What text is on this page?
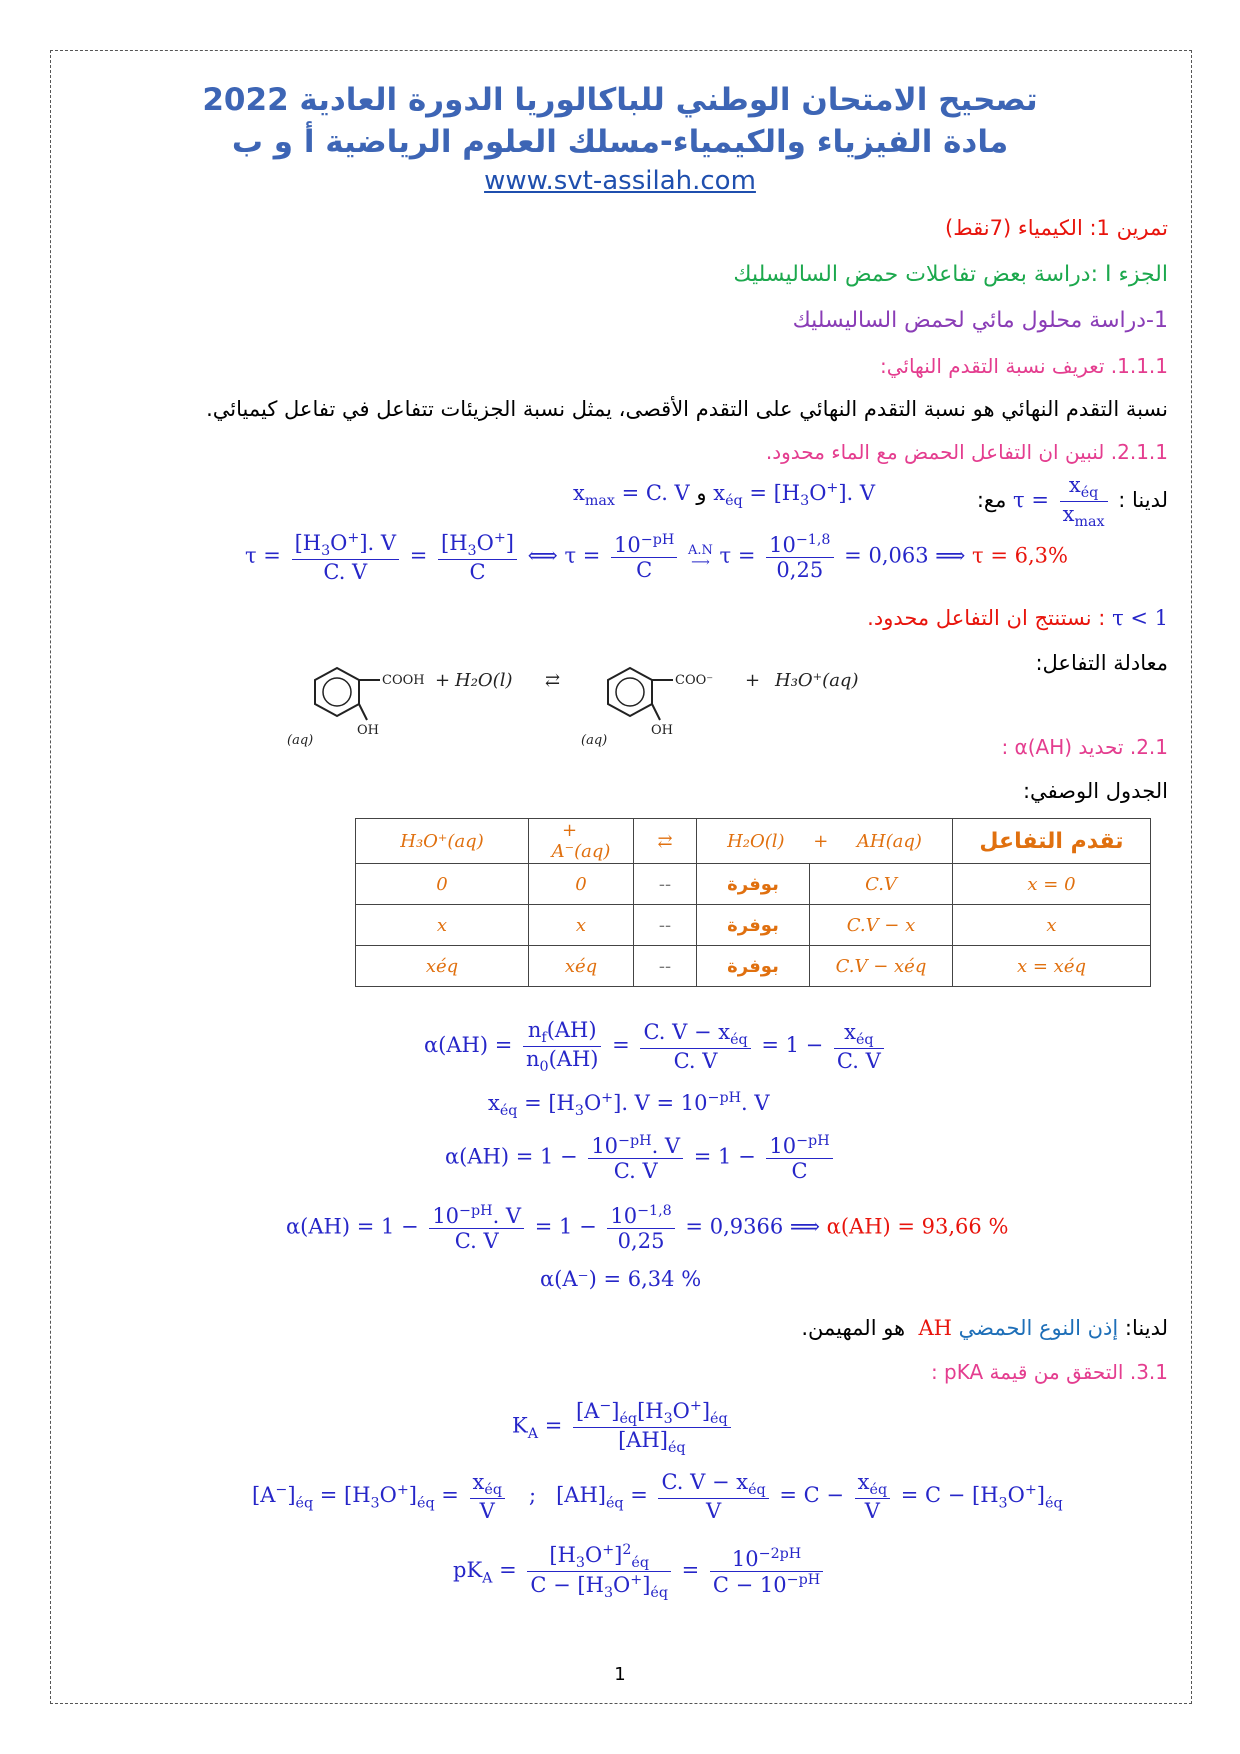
تصحيح الامتحان الوطني للباكالوريا الدورة العادية 2022
مادة الفيزياء والكيمياء-مسلك العلوم الرياضية أ و ب
www.svt-assilah.com
تمرين 1: الكيمياء (7نقط)
الجزء I :دراسة بعض تفاعلات حمض الساليسليك
1-دراسة محلول مائي لحمض الساليسليك
1.1.1. تعريف نسبة التقدم النهائي:
نسبة التقدم النهائي هو نسبة التقدم النهائي على التقدم الأقصى، يمثل نسبة الجزيئات تتفاعل في تفاعل كيميائي.
2.1.1. لنبين ان التفاعل الحمض مع الماء محدود.
لدينا : $\tau = \frac{x_{éq}}{x_{max}}$
مع:
$x_{max} = C$. V و $x_{éq} = [H_3O^+]$. V
$\tau = \frac{[H_3O^+]. V}{C. V} = \frac{[H_3O^+]}{C}$ ⟺ $\tau = \frac{10^{-pH}}{C} A.N$
⟶ $\tau = \frac{10^{-1,8}}{0,25} = 0,063$ ⟹ τ = 6,3%
τ < 1 : نستنتج ان التفاعل محدود.
معادلة التفاعل:
COOH
(aq)
OH
COO⁻
(aq)
OH
+ H₂O(l) ⇄	+ H₃O⁺(aq)
2.1. تحديد α(AH) :
الجدول الوصفي:
H₃O⁺(aq)	+     A⁻(aq)	⇄	H₂O(l) + AH(aq)		تقدم التفاعل
0	0	--	بوفرة	C.V	x = 0
x	x	--	بوفرة	C.V − x	x
xéq	xéq	--	بوفرة	C.V − xéq	x = xéq
$\alpha(AH) = \frac{n_f(AH)}{n_0(AH)} = \frac{C. V - x_{éq}}{C. V} = 1 - \frac{x_{éq}}{C. V}$
$x_{éq} = [H_3O^+]$. $V = 10^{-pH}$. V
$\alpha(AH) = 1 - \frac{10^{-pH}. V}{C. V} = 1 - \frac{10^{-pH}}{C}$
$\alpha(AH) = 1 - \frac{10^{-pH}. V}{C. V} = 1 - \frac{10^{-1,8}}{0,25} = 0,9366$ ⟹ α(AH) = 93,66 %
α(A⁻) = 6,34 %
لدينا: إذن النوع الحمضي AH  هو المهيمن.
3.1. التحقق من قيمة pKA :
$K_A = \frac{[A^-]_{éq}[H_3O^+]_{éq}}{[AH]_{éq}}$
$[A^-]_{éq} = [H_3O^+]_{éq} = \frac{x_{éq}}{V}$ ;   $[AH]_{éq} = \frac{C. V - x_{éq}}{V} = C - \frac{x_{éq}}{V} = C - [H_3O^+]_{éq}$
$pK_A = \frac{[H_3O^+]^2_{éq}}{C - [H_3O^+]_{éq}} = \frac{10^{-2pH}}{C - 10^{-pH}}$
1
